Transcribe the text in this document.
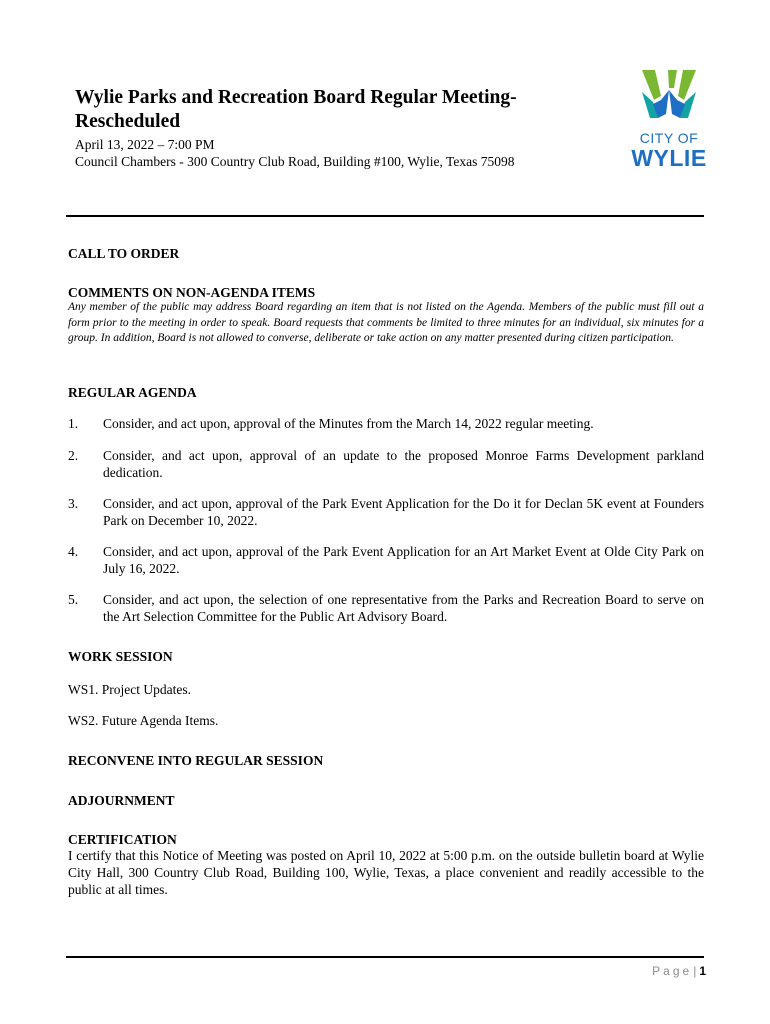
Wylie Parks and Recreation Board Regular Meeting-Rescheduled
April 13, 2022 – 7:00 PM
Council Chambers - 300 Country Club Road, Building #100, Wylie, Texas 75098
CITY OF
WYLIE
CALL TO ORDER
COMMENTS ON NON-AGENDA ITEMS

Any member of the public may address Board regarding an item that is not listed on the Agenda. Members of the public must fill out a form prior to the meeting in order to speak. Board requests that comments be limited to three minutes for an individual, six minutes for a group. In addition, Board is not allowed to converse, deliberate or take action on any matter presented during citizen participation.

REGULAR AGENDA
1.	Consider, and act upon, approval of the Minutes from the March 14, 2022 regular meeting.
2.	Consider, and act upon, approval of an update to the proposed Monroe Farms Development parkland dedication.
3.	Consider, and act upon, approval of the Park Event Application for the Do it for Declan 5K event at Founders Park on December 10, 2022.
4.	Consider, and act upon, approval of the Park Event Application for an Art Market Event at Olde City Park on July 16, 2022.
5.	Consider, and act upon, the selection of one representative from the Parks and Recreation Board to serve on the Art Selection Committee for the Public Art Advisory Board.
WORK SESSION
WS1. Project Updates.
WS2. Future Agenda Items.
RECONVENE INTO REGULAR SESSION
ADJOURNMENT
CERTIFICATION

I certify that this Notice of Meeting was posted on April 10, 2022 at 5:00 p.m. on the outside bulletin board at Wylie City Hall, 300 Country Club Road, Building 100, Wylie, Texas, a place convenient and readily accessible to the public at all times.

Page| 1
